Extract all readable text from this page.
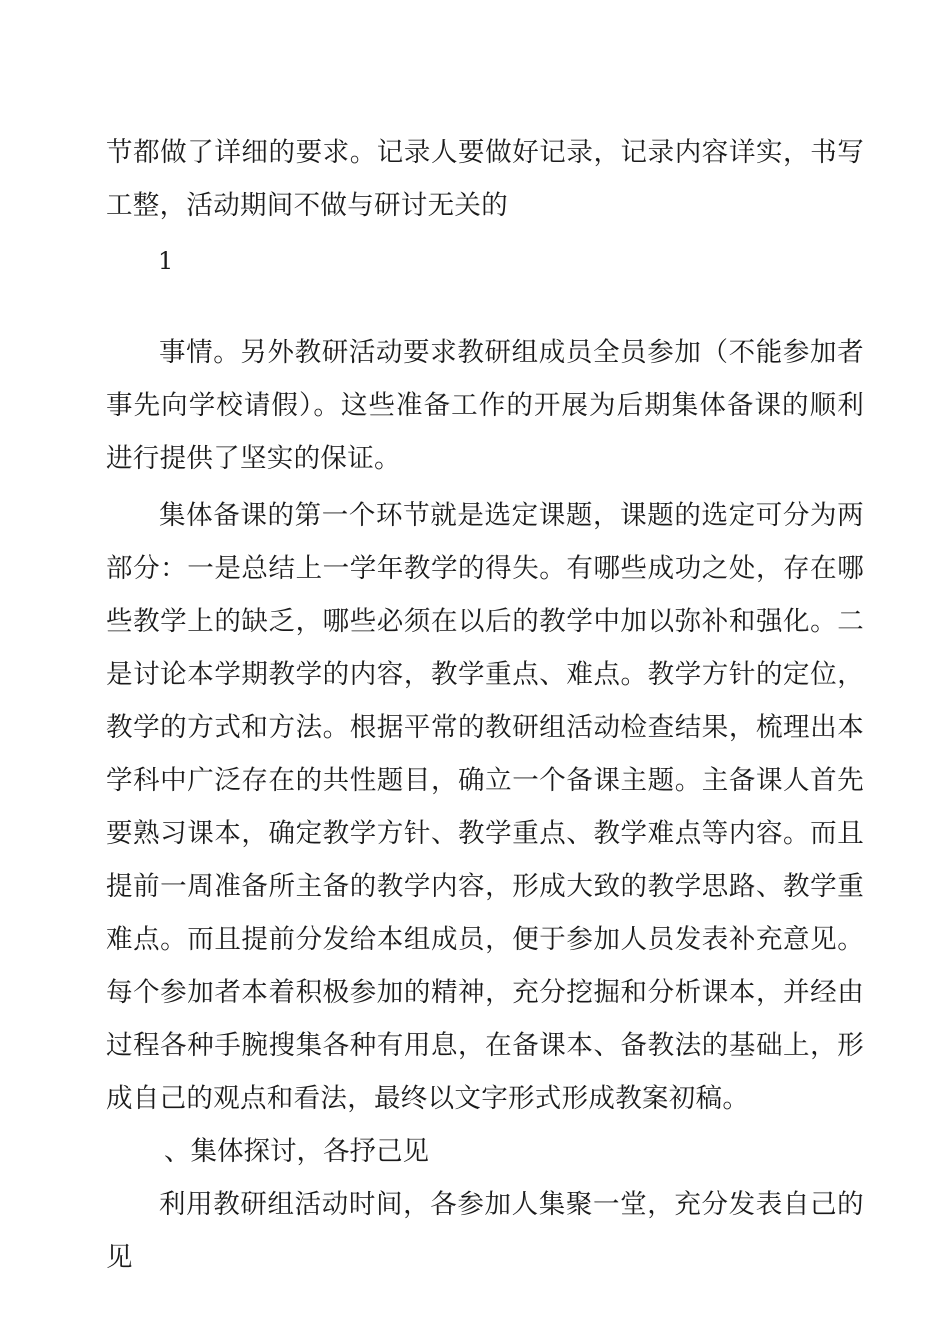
节都做了详细的要求。记录人要做好记录，记录内容详实，书写工整，活动期间不做与研讨无关的

1

事情。另外教研活动要求教研组成员全员参加（不能参加者事先向学校请假）。这些准备工作的开展为后期集体备课的顺利进行提供了坚实的保证。

集体备课的第一个环节就是选定课题，课题的选定可分为两部分：一是总结上一学年教学的得失。有哪些成功之处，存在哪些教学上的缺乏，哪些必须在以后的教学中加以弥补和强化。二是讨论本学期教学的内容，教学重点、难点。教学方针的定位，教学的方式和方法。根据平常的教研组活动检查结果，梳理出本学科中广泛存在的共性题目，确立一个备课主题。主备课人首先要熟习课本，确定教学方针、教学重点、教学难点等内容。而且提前一周准备所主备的教学内容，形成大致的教学思路、教学重难点。而且提前分发给本组成员，便于参加人员发表补充意见。每个参加者本着积极参加的精神，充分挖掘和分析课本，并经由过程各种手腕搜集各种有用息，在备课本、备教法的基础上，形成自己的观点和看法，最终以文字形式形成教案初稿。

、集体探讨，各抒己见

利用教研组活动时间，各参加人集聚一堂，充分发表自己的见
